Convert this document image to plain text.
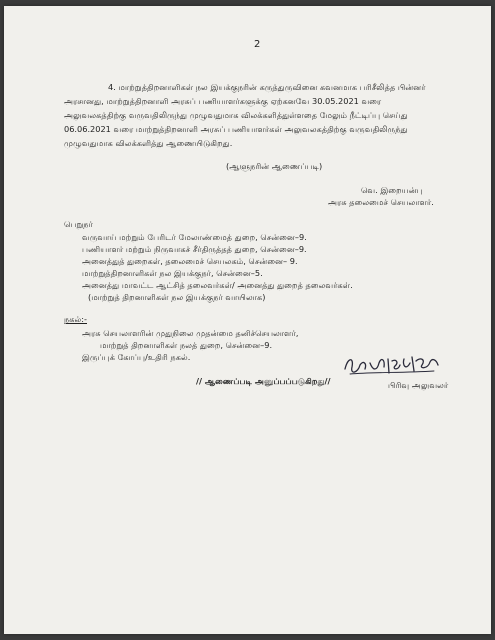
2
4. மாற்றுத்திறனாளிகள் நல இயக்குநரின் கருத்துருவினை கவனமாக பரிசீலித்த பின்னர்
அரசானது, மாற்றுத்திறனாளி அரசுப் பணியாளர்களுக்கு ஏற்கனவே 30.05.2021 வரை
அலுவலகத்திற்கு வருவதிலிருந்து முழுவதுமாக விலக்களித்துள்ளதை மேலும் நீட்டிப்பு செய்து
06.06.2021 வரை மாற்றுத்திறனாளி அரசுப் பணியாளர்கள் அலுவலகத்திற்கு வருவதிலிருந்து
முழுவதுமாக விலக்களித்து ஆணையிடுகிறது.
(ஆளுநரின் ஆணைப்படி)
வெ. இறையன்பு
அரசு தலைமைச் செயலாளர்.
பெறுநர்
வருவாய் மற்றும் பேரிடர் மேலாண்மைத் துறை, சென்னை–9.
பணியாளர் மற்றும் நிருவாகச் சீர்திருத்தத் துறை, சென்னை–9.
அனைத்துத் துறைகள், தலைமைச் செயலகம், சென்னை– 9.
மாற்றுத்திறனாளிகள் நல இயக்குநர், சென்னை–5.
அனைத்து மாவட்ட ஆட்சித் தலைவர்கள்/ அனைத்து துறைத் தலைவர்கள்.
(மாற்றுத் திறனாளிகள் நல இயக்குநர் வாயிலாக)
நகல்:-
அரசு செயலாளரின் முதுநிலை முதன்மை தனிச்செயலாளர்,
மாற்றுத் திறனாளிகள் நலத் துறை, சென்னை–9.
இருப்புக் கோப்பு/உதிரி நகல்.
// ஆணைப்படி அனுப்பப்படுகிறது//	பிரிவு அலுவலர்
